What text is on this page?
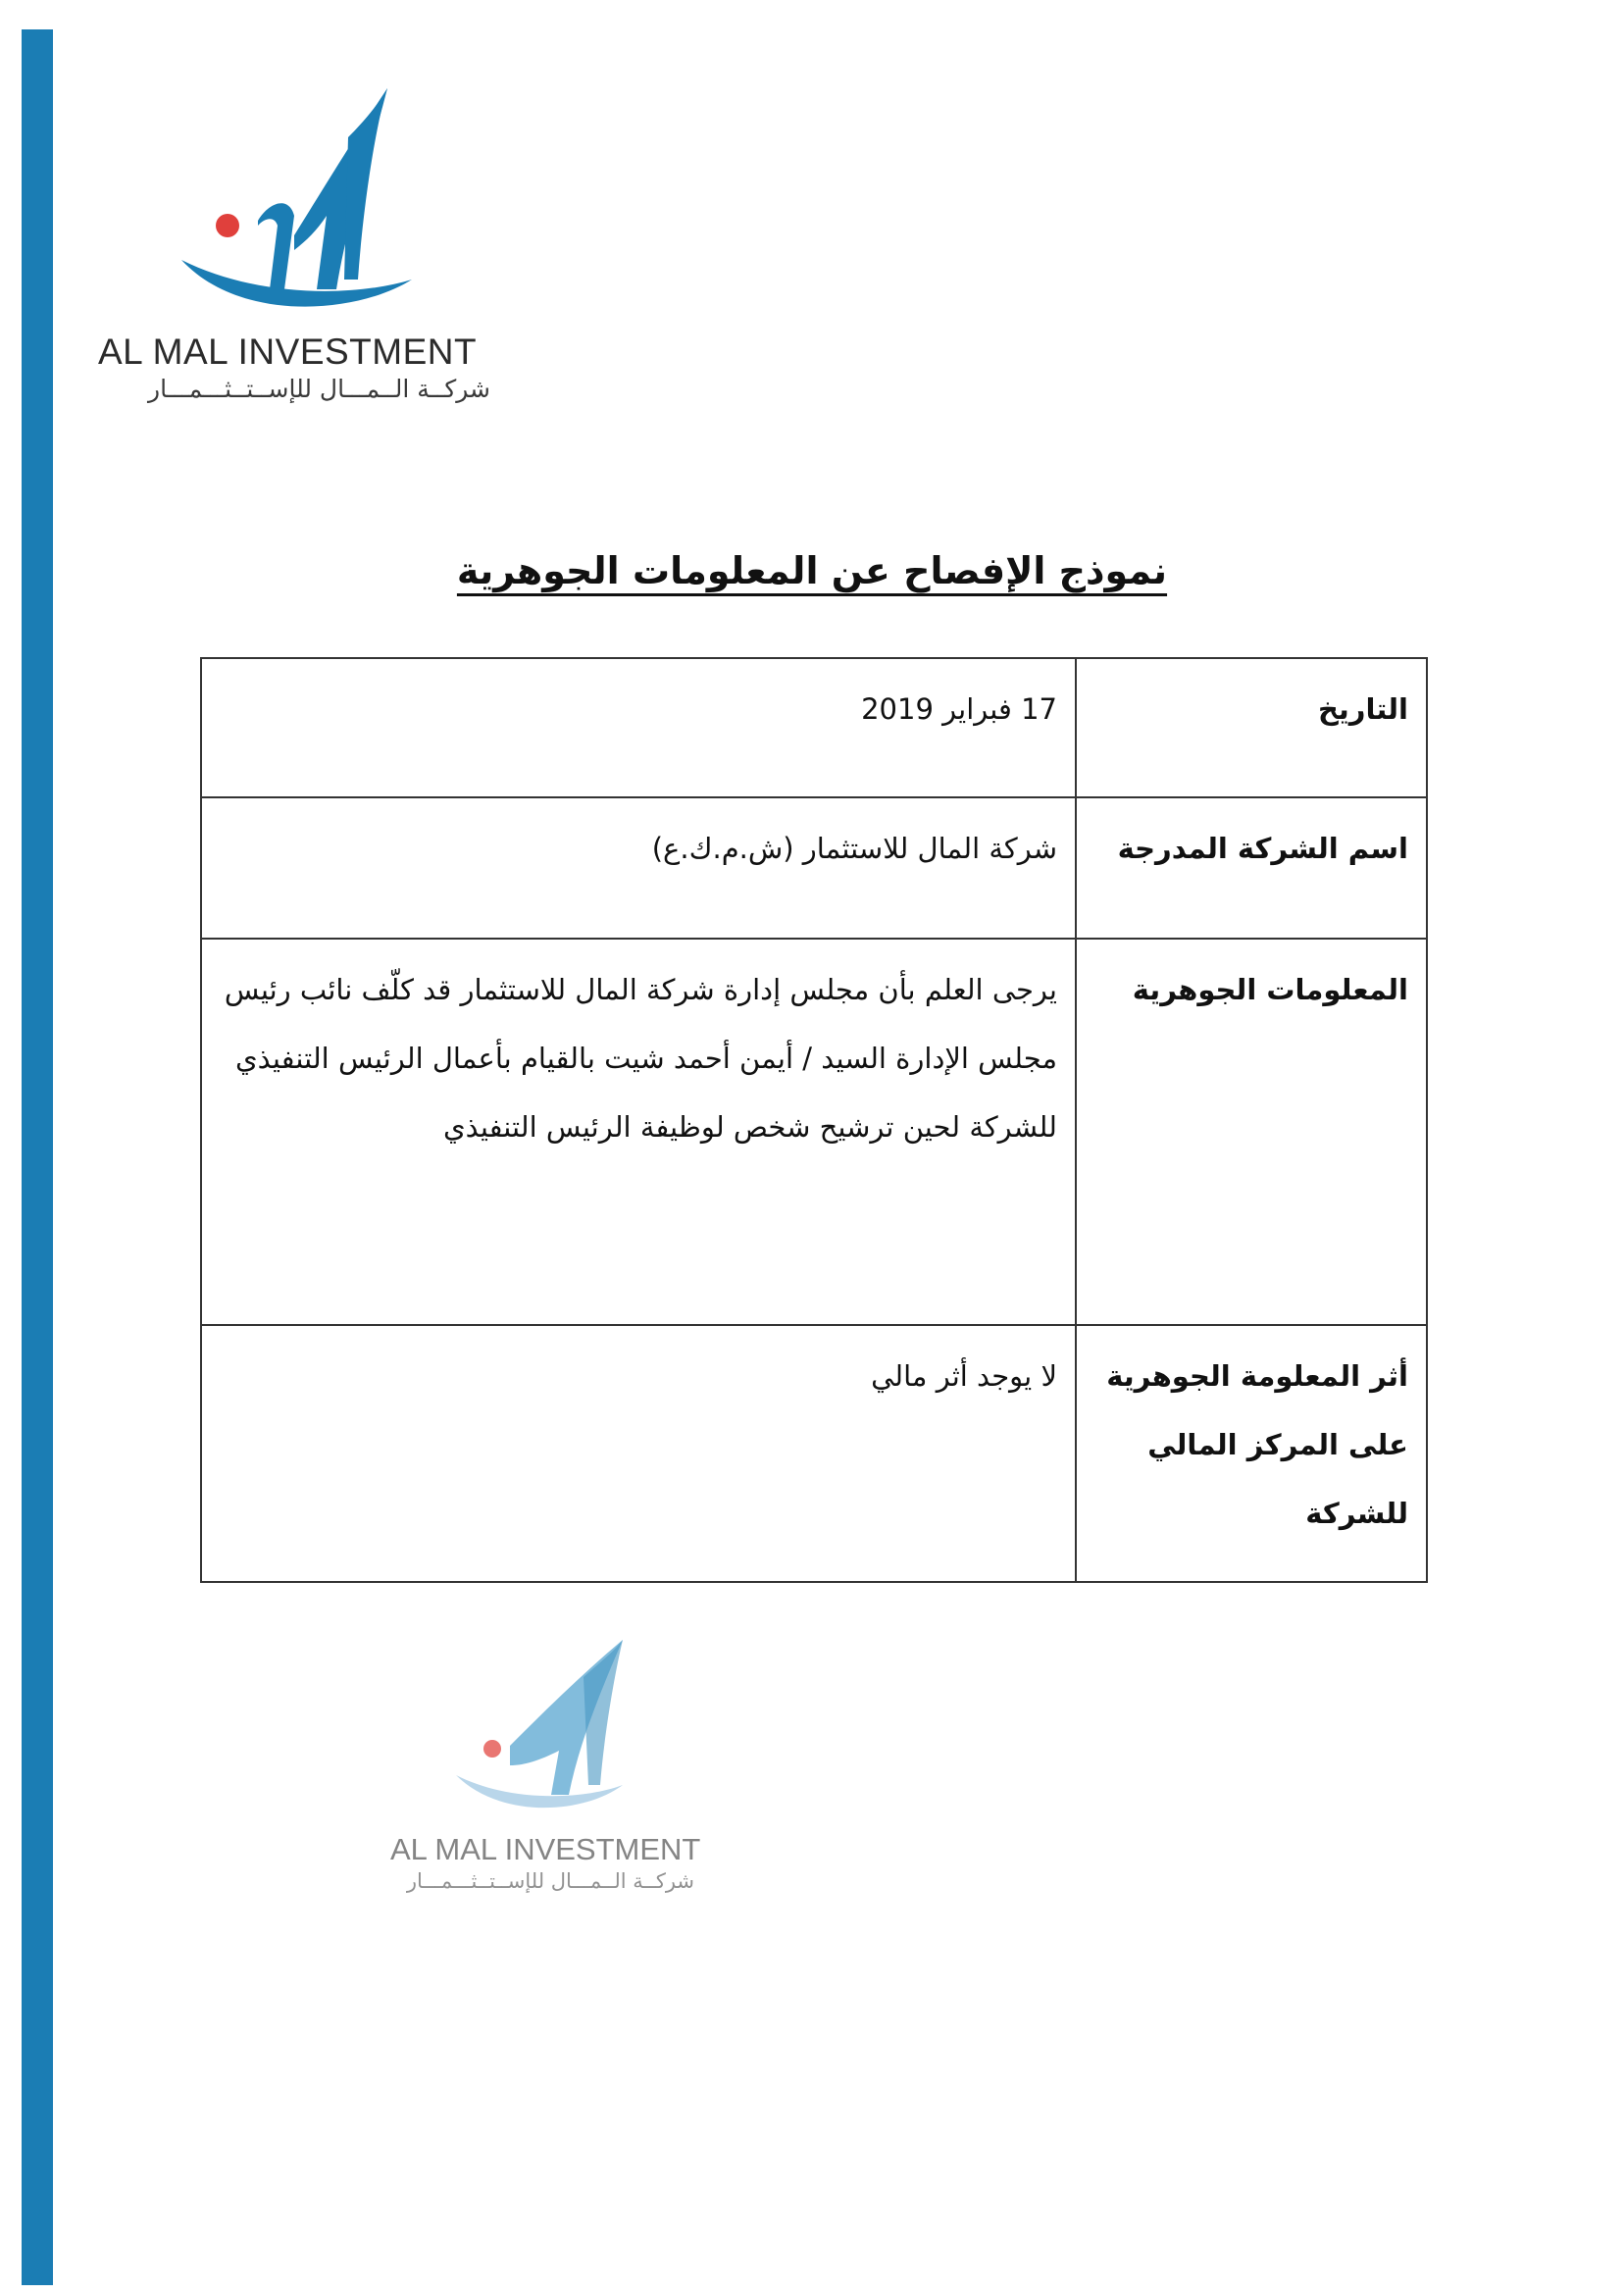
AL MAL INVESTMENT
شركــة الــمـــال للإســتــثـــمـــار
نموذج الإفصاح عن المعلومات الجوهرية
التاريخ	17 فبراير 2019
اسم الشركة المدرجة	شركة المال للاستثمار (ش.م.ك.ع)
المعلومات الجوهرية	يرجى العلم بأن مجلس إدارة شركة المال للاستثمار قد كلّف نائب رئيس مجلس الإدارة السيد / أيمن أحمد شيت بالقيام بأعمال الرئيس التنفيذي للشركة لحين ترشيح شخص لوظيفة الرئيس التنفيذي
أثر المعلومة الجوهرية على المركز المالي للشركة	لا يوجد أثر مالي
AL MAL INVESTMENT
شركــة الــمـــال للإســتــثـــمـــار
